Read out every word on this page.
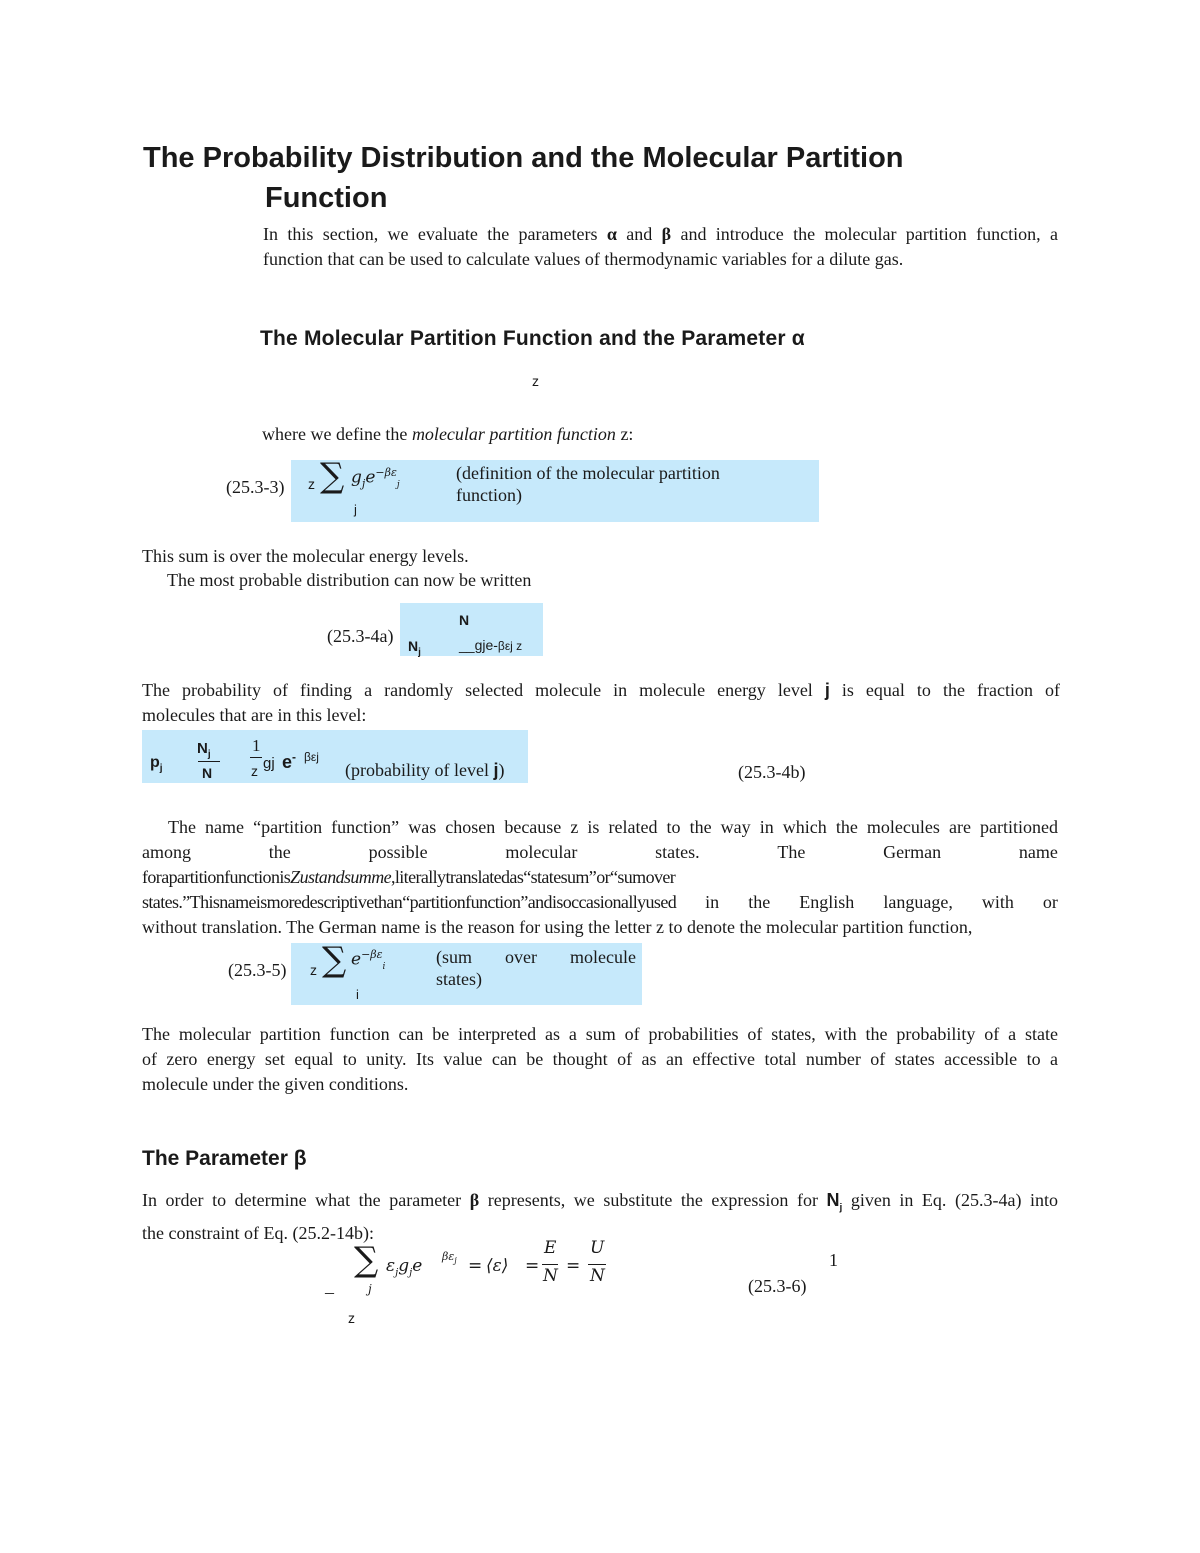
The Probability Distribution and the Molecular Partition
Function
In this section, we evaluate the parameters α and β and introduce the molecular partition function, a
function that can be used to calculate values of thermodynamic variables for a dilute gas.
The Molecular Partition Function and the Parameter α
z
where we define the molecular partition function z:
(25.3-3) z ∑ $g_je^{-\beta\varepsilon}_j$
j
(definition of the molecular partition
function)
This sum is over the molecular energy levels.
The most probable distribution can now be written
(25.3-4a)
N
$N_j$	__gje-βεj z
The probability of finding a randomly selected molecule in molecule energy level j is equal to the fraction of
molecules that are in this level:
$p_j$
$N_j$
N
1
z gj e- βεj
(probability of level j)	(25.3-4b)
The name “partition function” was chosen because z is related to the way in which the molecules are partitioned
among	the	possible	molecular	states.	The	German	name
forapartitionfunctionisZustandsumme,literallytranslatedas“statesum”or“sumover
states.”Thisnameismoredescriptivethan“partitionfunction”andisoccasionallyused in the English language, with or
without translation. The German name is the reason for using the letter z to denote the molecular partition function,
(25.3-5) z ∑ $e^{-\beta\varepsilon}_i$
i
(sum over molecule
states)
The molecular partition function can be interpreted as a sum of probabilities of states, with the probability of a state
of zero energy set equal to unity. Its value can be thought of as an effective total number of states accessible to a
molecule under the given conditions.
The Parameter β
In order to determine what the parameter β represents, we substitute the expression for $N_j$ given in Eq. (25.3-4a) into
the constraint of Eq. (25.2-14b):
–
z
∑
j
$\varepsilon_jg_je$ $\beta\varepsilon_j$ = ⟨ε⟩ =
E
N =
U
N
1
(25.3-6)
